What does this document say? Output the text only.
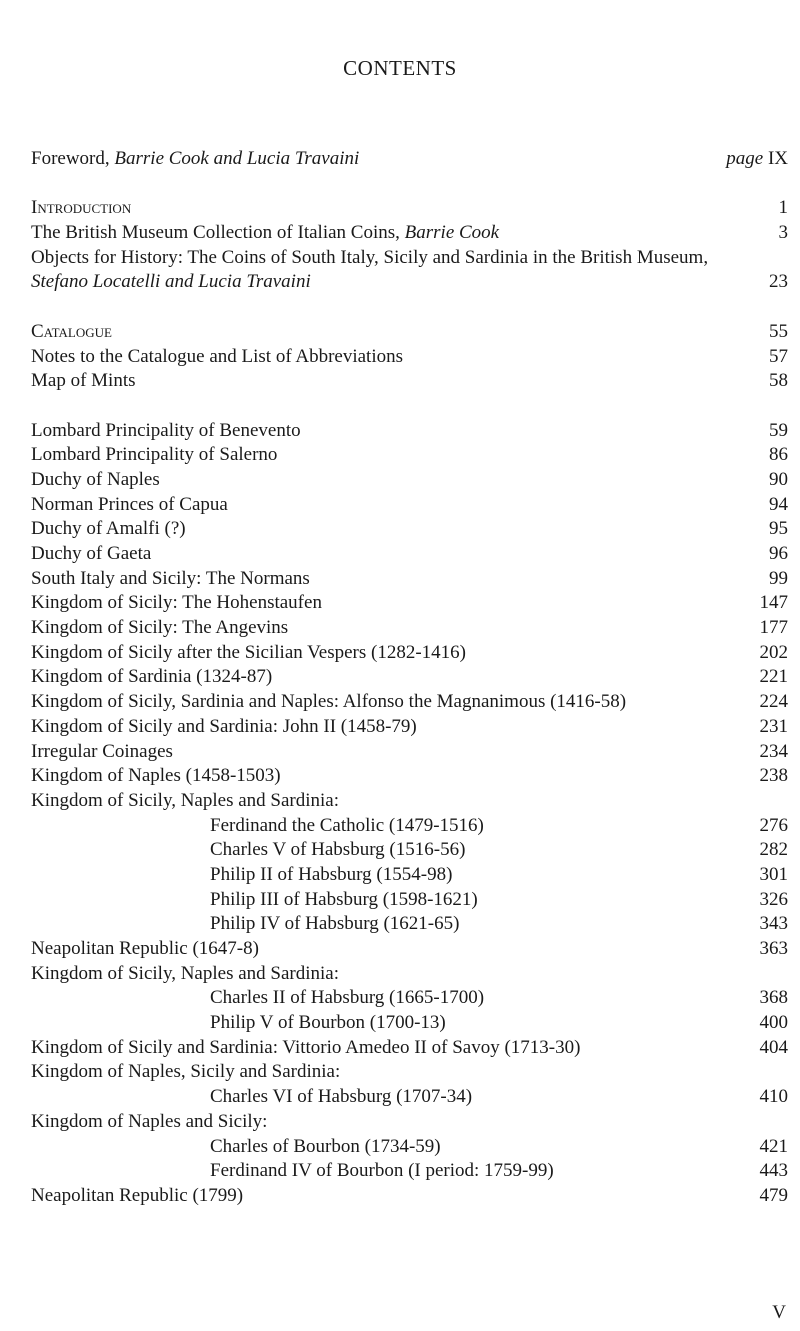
CONTENTS
Foreword, Barrie Cook and Lucia Travaini	page IX
Introduction	1
The British Museum Collection of Italian Coins, Barrie Cook	3
Objects for History: The Coins of South Italy, Sicily and Sardinia in the British Museum, Stefano Locatelli and Lucia Travaini	23
Catalogue	55
Notes to the Catalogue and List of Abbreviations	57
Map of Mints	58
Lombard Principality of Benevento	59
Lombard Principality of Salerno	86
Duchy of Naples	90
Norman Princes of Capua	94
Duchy of Amalfi (?)	95
Duchy of Gaeta	96
South Italy and Sicily: The Normans	99
Kingdom of Sicily: The Hohenstaufen	147
Kingdom of Sicily: The Angevins	177
Kingdom of Sicily after the Sicilian Vespers (1282-1416)	202
Kingdom of Sardinia (1324-87)	221
Kingdom of Sicily, Sardinia and Naples: Alfonso the Magnanimous (1416-58)	224
Kingdom of Sicily and Sardinia: John II (1458-79)	231
Irregular Coinages	234
Kingdom of Naples (1458-1503)	238
Kingdom of Sicily, Naples and Sardinia:
Ferdinand the Catholic (1479-1516)	276
Charles V of Habsburg (1516-56)	282
Philip II of Habsburg (1554-98)	301
Philip III of Habsburg (1598-1621)	326
Philip IV of Habsburg (1621-65)	343
Neapolitan Republic (1647-8)	363
Kingdom of Sicily, Naples and Sardinia:
Charles II of Habsburg (1665-1700)	368
Philip V of Bourbon (1700-13)	400
Kingdom of Sicily and Sardinia: Vittorio Amedeo II of Savoy (1713-30)	404
Kingdom of Naples, Sicily and Sardinia:
Charles VI of Habsburg (1707-34)	410
Kingdom of Naples and Sicily:
Charles of Bourbon (1734-59)	421
Ferdinand IV of Bourbon (I period: 1759-99)	443
Neapolitan Republic (1799)	479
V
